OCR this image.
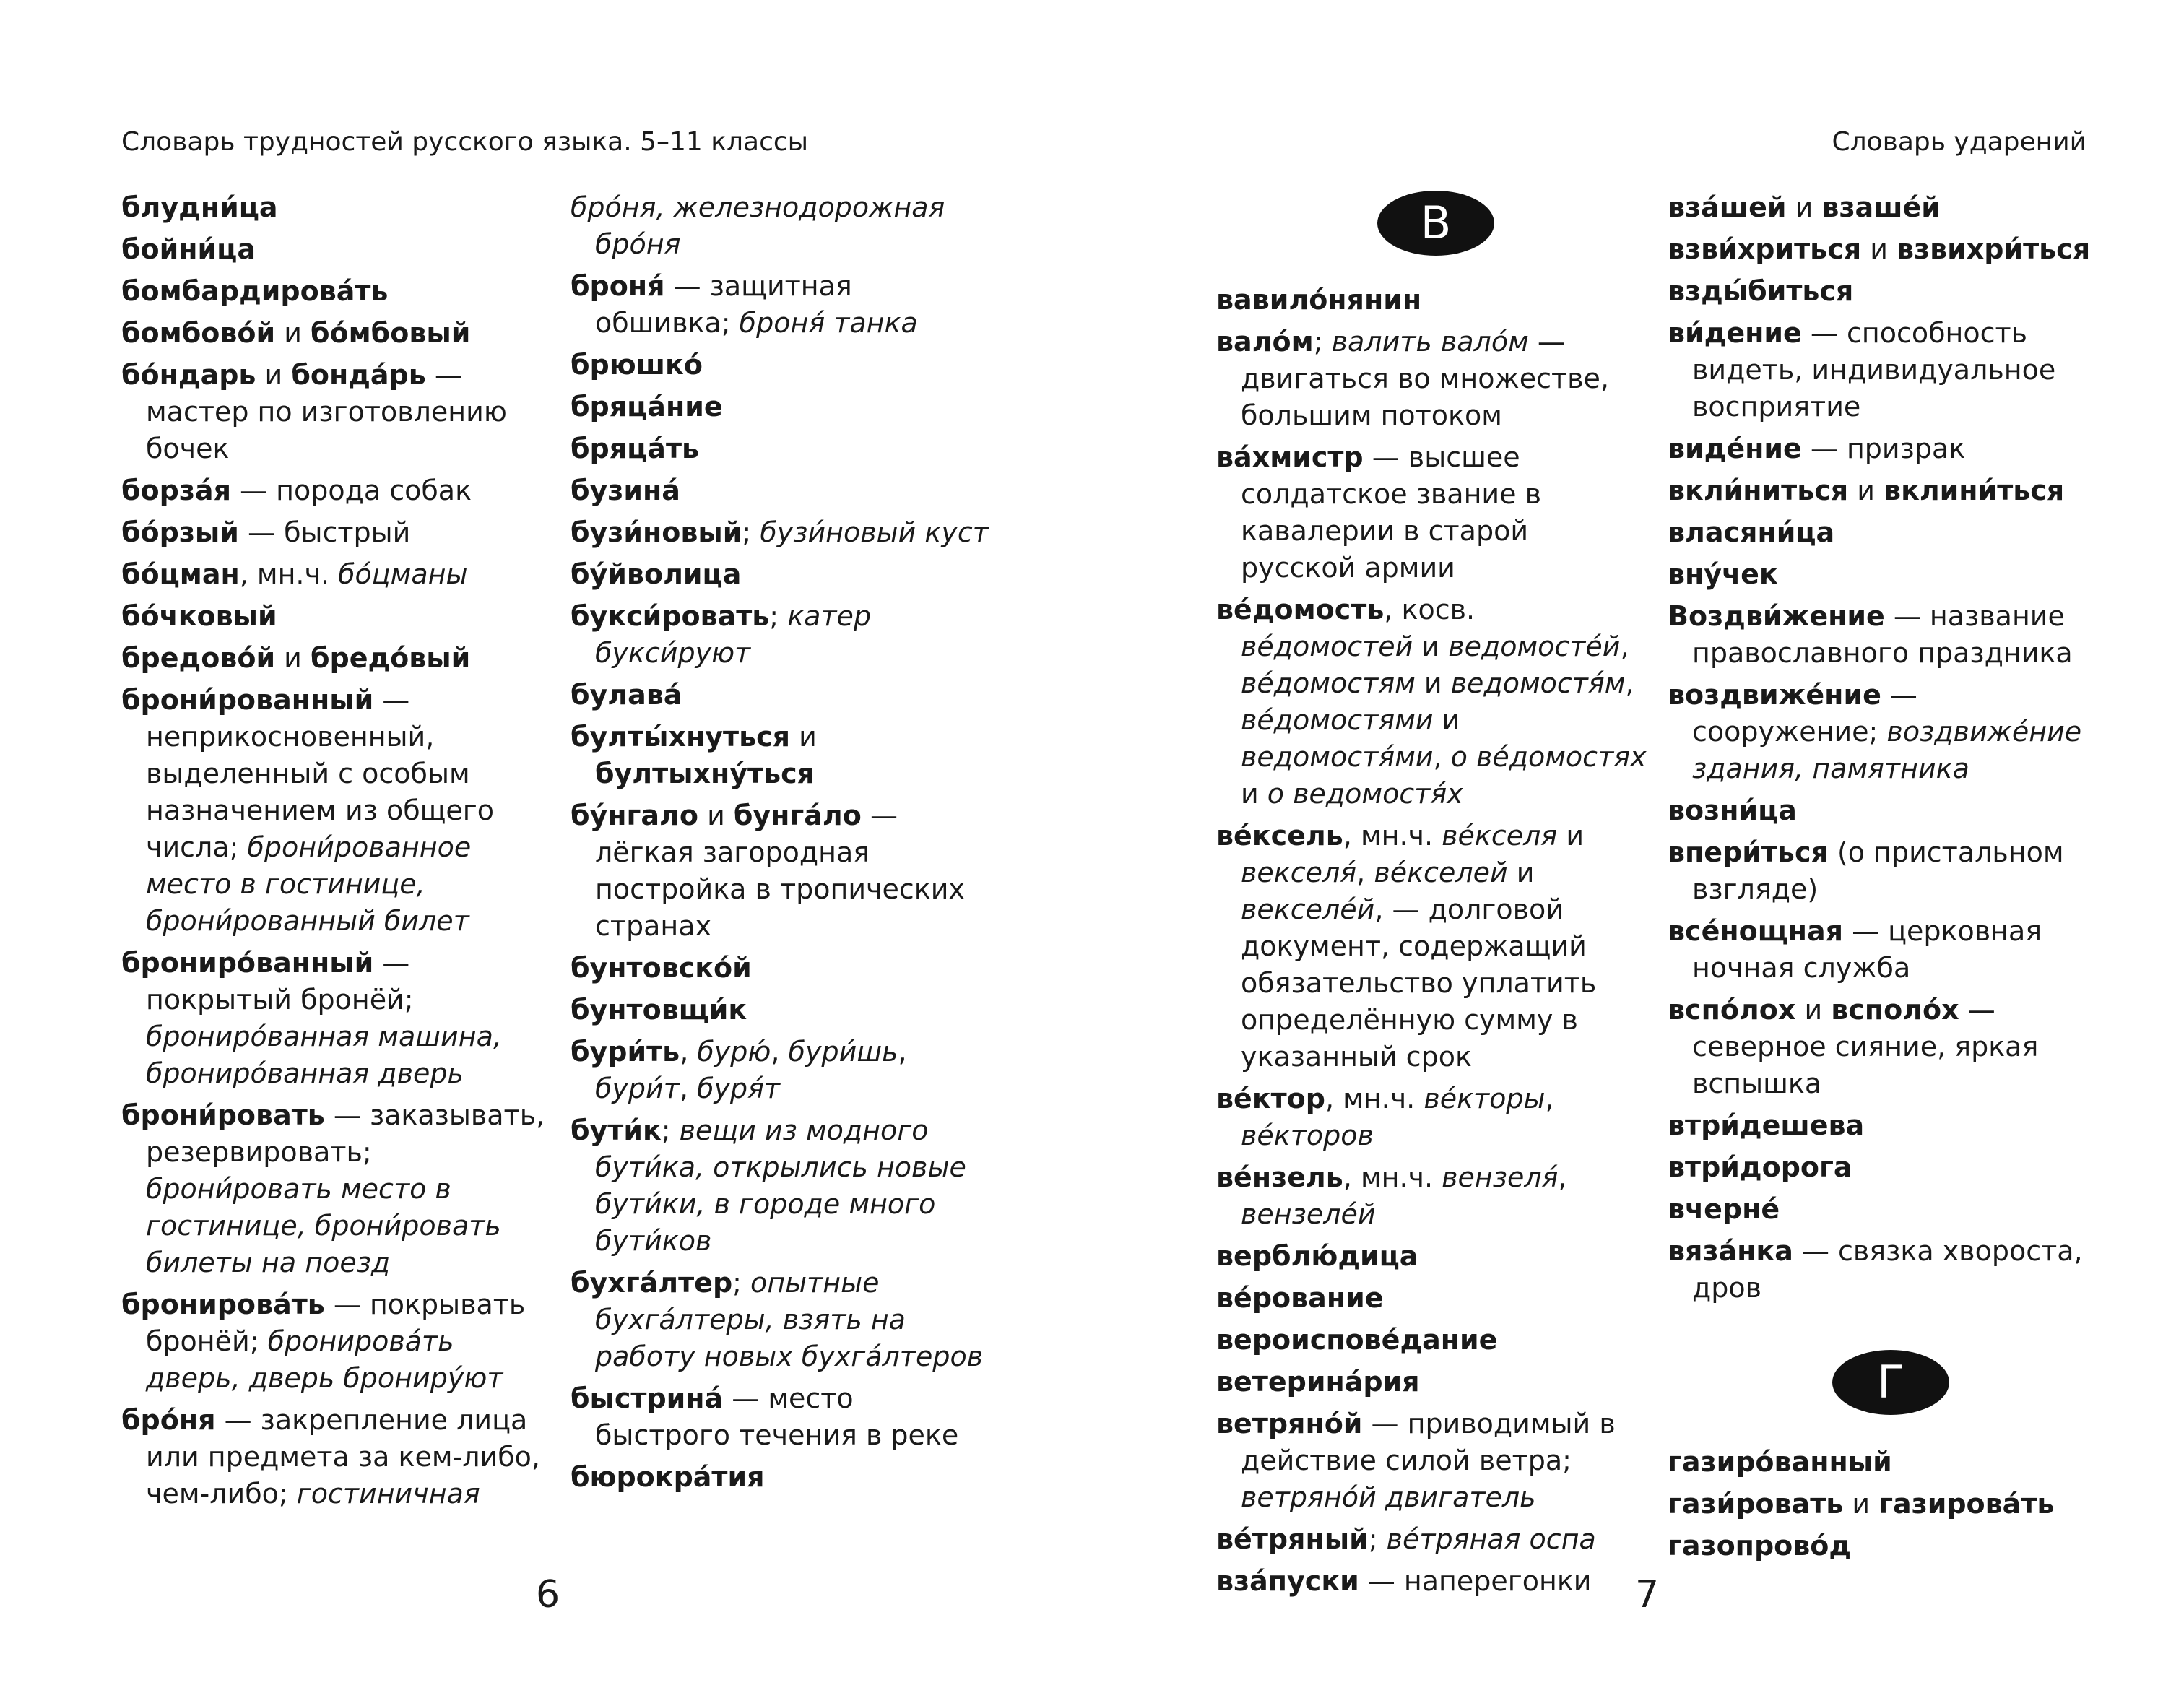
Словарь трудностей русского языка. 5–11 классы
блудни́ца
бойни́ца
бомбардирова́ть
бомбово́й и бо́мбовый
бо́ндарь и бонда́рь — мастер по изготовлению бочек
борза́я — порода собак
бо́рзый — быстрый
бо́цман, мн.ч. бо́цманы
бо́чковый
бредово́й и бредо́вый
брони́рованный — неприкосновенный, выделенный с особым назначением из общего числа; брони́рованное место в гостинице, брони́рованный билет
брониро́ванный — покрытый бронёй; брониро́ванная машина, брониро́ванная дверь
брони́ровать — заказывать, резервировать; брони́ровать место в гостинице, брони́ровать билеты на поезд
бронирова́ть — покрывать бронёй; бронирова́ть дверь, дверь брониру́ют
бро́ня — закрепление лица или предмета за кем-либо, чем-либо; гостиничная
бро́ня, железнодорожная бро́ня
броня́ — защитная обшивка; броня́ танка
брюшко́
бряца́ние
бряца́ть
бузина́
бузи́новый; бузи́новый куст
бу́йволица
букси́ровать; катер букси́руют
булава́
булты́хнуться и бултыхну́ться
бу́нгало и бунга́ло — лёгкая загородная постройка в тропических странах
бунтовско́й
бунтовщи́к
бури́ть, бурю́, бури́шь, бури́т, буря́т
бути́к; вещи из модного бути́ка, открылись новые бути́ки, в городе много бути́ков
бухга́лтер; опытные бухга́лтеры, взять на работу новых бухга́лтеров
быстрина́ — место быстрого течения в реке
бюрокра́тия
6
Словарь ударений
В
вавило́нянин
вало́м; валить вало́м — двигаться во множестве, большим потоком
ва́хмистр — высшее солдатское звание в кавалерии в старой русской армии
ве́домость, косв. ве́домостей и ведомосте́й, ве́домостям и ведомостя́м, ве́домостями и ведомостя́ми, о ве́домостях и о ведомостя́х
ве́ксель, мн.ч. ве́кселя и векселя́, ве́кселей и векселе́й, — долговой документ, содержащий обязательство уплатить определённую сумму в указанный срок
ве́ктор, мн.ч. ве́кторы, ве́кторов
ве́нзель, мн.ч. вензеля́, вензеле́й
верблю́дица
ве́рование
вероиспове́дание
ветерина́рия
ветряно́й — приводимый в действие силой ветра; ветряно́й двигатель
ве́тряный; ве́тряная оспа
вза́пуски — наперегонки
вза́шей и взаше́й
взви́хриться и взвихри́ться
взды́биться
ви́дение — способность видеть, индивидуальное восприятие
виде́ние — призрак
вкли́ниться и вклини́ться
власяни́ца
вну́чек
Воздви́жение — название православного праздника
воздвиже́ние — сооружение; воздвиже́ние здания, памятника
возни́ца
впери́ться (о пристальном взгляде)
все́нощная — церковная ночная служба
вспо́лох и всполо́х — северное сияние, яркая вспышка
втри́дешева
втри́дорога
вчерне́
вяза́нка — связка хвороста, дров
Г
газиро́ванный
гази́ровать и газирова́ть
газопрово́д
7
